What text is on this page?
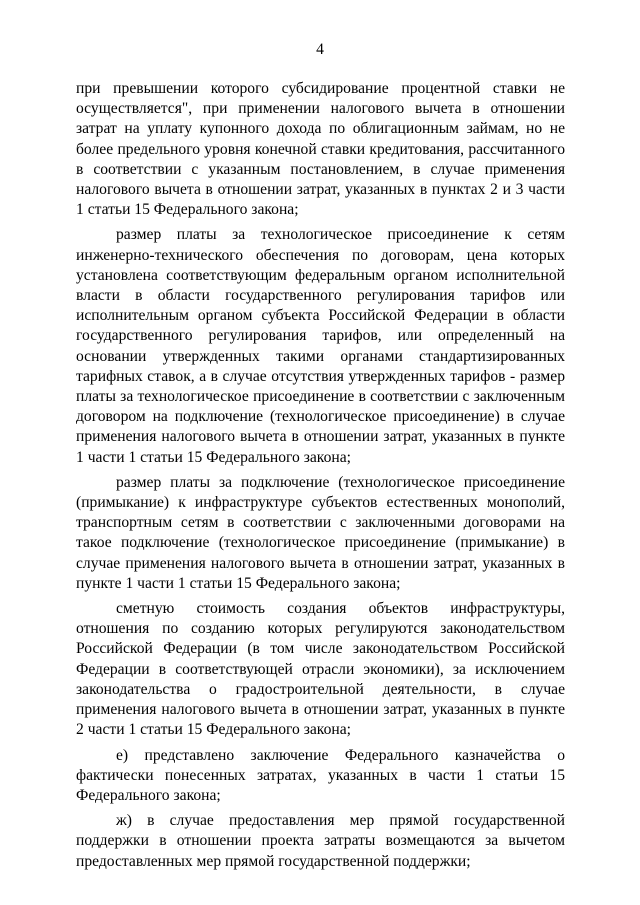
4

при превышении которого субсидирование процентной ставки не осуществляется", при применении налогового вычета в отношении затрат на уплату купонного дохода по облигационным займам, но не более предельного уровня конечной ставки кредитования, рассчитанного в соответствии с указанным постановлением, в случае применения налогового вычета в отношении затрат, указанных в пунктах 2 и 3 части 1 статьи 15 Федерального закона;

размер платы за технологическое присоединение к сетям инженерно-технического обеспечения по договорам, цена которых установлена соответствующим федеральным органом исполнительной власти в области государственного регулирования тарифов или исполнительным органом субъекта Российской Федерации в области государственного регулирования тарифов, или определенный на основании утвержденных такими органами стандартизированных тарифных ставок, а в случае отсутствия утвержденных тарифов - размер платы за технологическое присоединение в соответствии с заключенным договором на подключение (технологическое присоединение) в случае применения налогового вычета в отношении затрат, указанных в пункте 1 части 1 статьи 15 Федерального закона;

размер платы за подключение (технологическое присоединение (примыкание) к инфраструктуре субъектов естественных монополий, транспортным сетям в соответствии с заключенными договорами на такое подключение (технологическое присоединение (примыкание) в случае применения налогового вычета в отношении затрат, указанных в пункте 1 части 1 статьи 15 Федерального закона;

сметную стоимость создания объектов инфраструктуры, отношения по созданию которых регулируются законодательством Российской Федерации (в том числе законодательством Российской Федерации в соответствующей отрасли экономики), за исключением законодательства о градостроительной деятельности, в случае применения налогового вычета в отношении затрат, указанных в пункте 2 части 1 статьи 15 Федерального закона;

е) представлено заключение Федерального казначейства о фактически понесенных затратах, указанных в части 1 статьи 15 Федерального закона;

ж) в случае предоставления мер прямой государственной поддержки в отношении проекта затраты возмещаются за вычетом предоставленных мер прямой государственной поддержки;
